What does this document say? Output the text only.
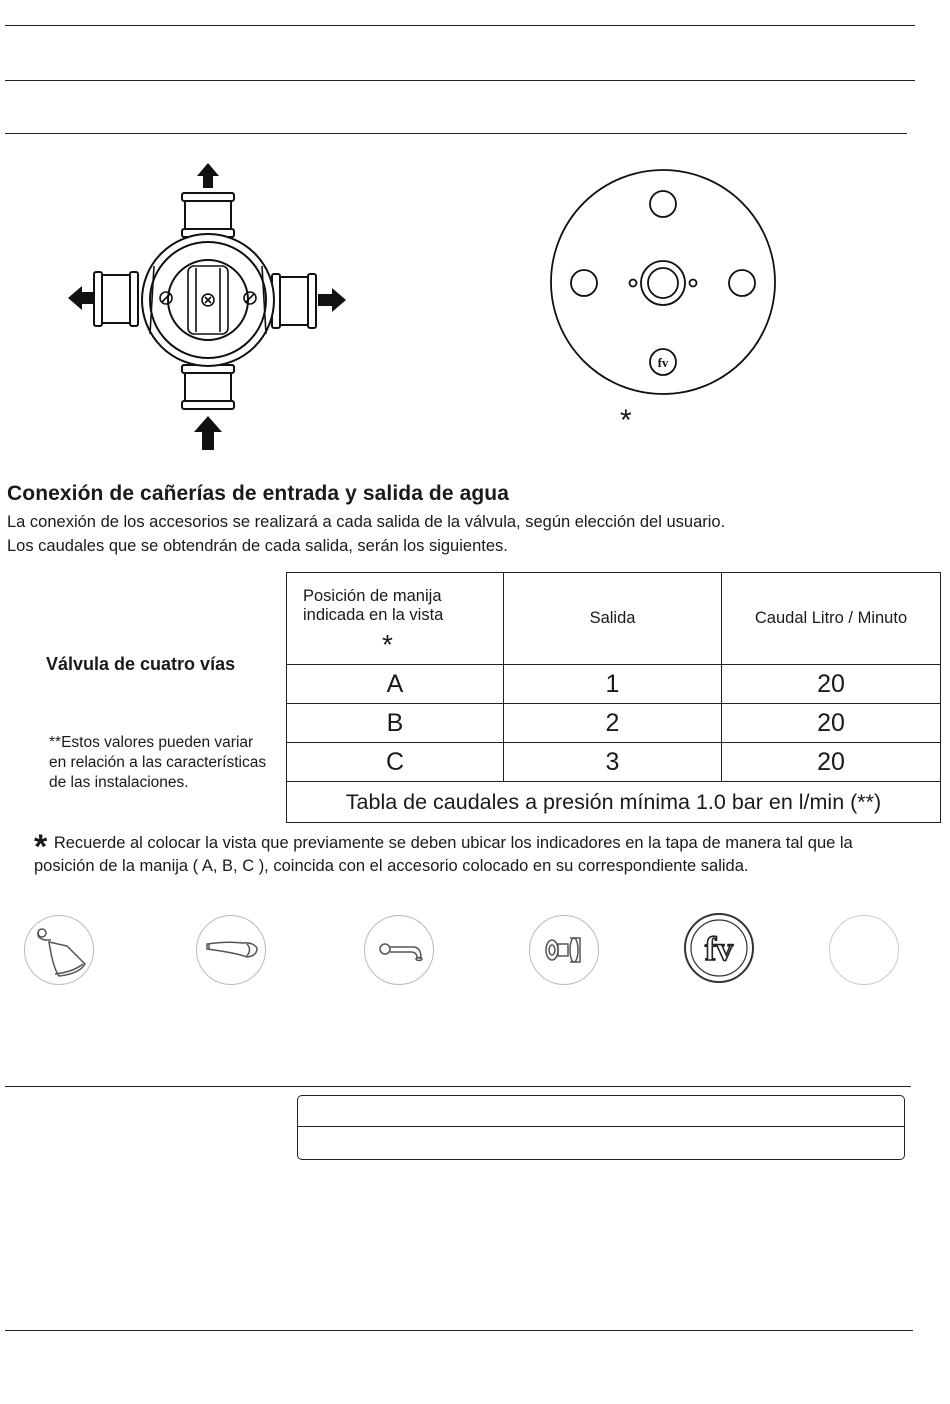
fv
*
Conexión de cañerías de entrada y salida de agua
La conexión de los accesorios se realizará a cada salida de la válvula, según elección del usuario.
Los caudales que se obtendrán de cada salida, serán los siguientes.
Válvula de cuatro vías
**Estos valores pueden variar en relación a las características de las instalaciones.
Posición de manija indicada en la vista
*	Salida	Caudal Litro / Minuto
A	1	20
B	2	20
C	3	20
Tabla de caudales a presión mínima 1.0 bar en l/min (**)		
* Recuerde al colocar la vista que previamente se deben ubicar los indicadores en la tapa de manera tal que la posición de la manija ( A, B, C ), coincida con el accesorio colocado en su correspondiente salida.
fv
